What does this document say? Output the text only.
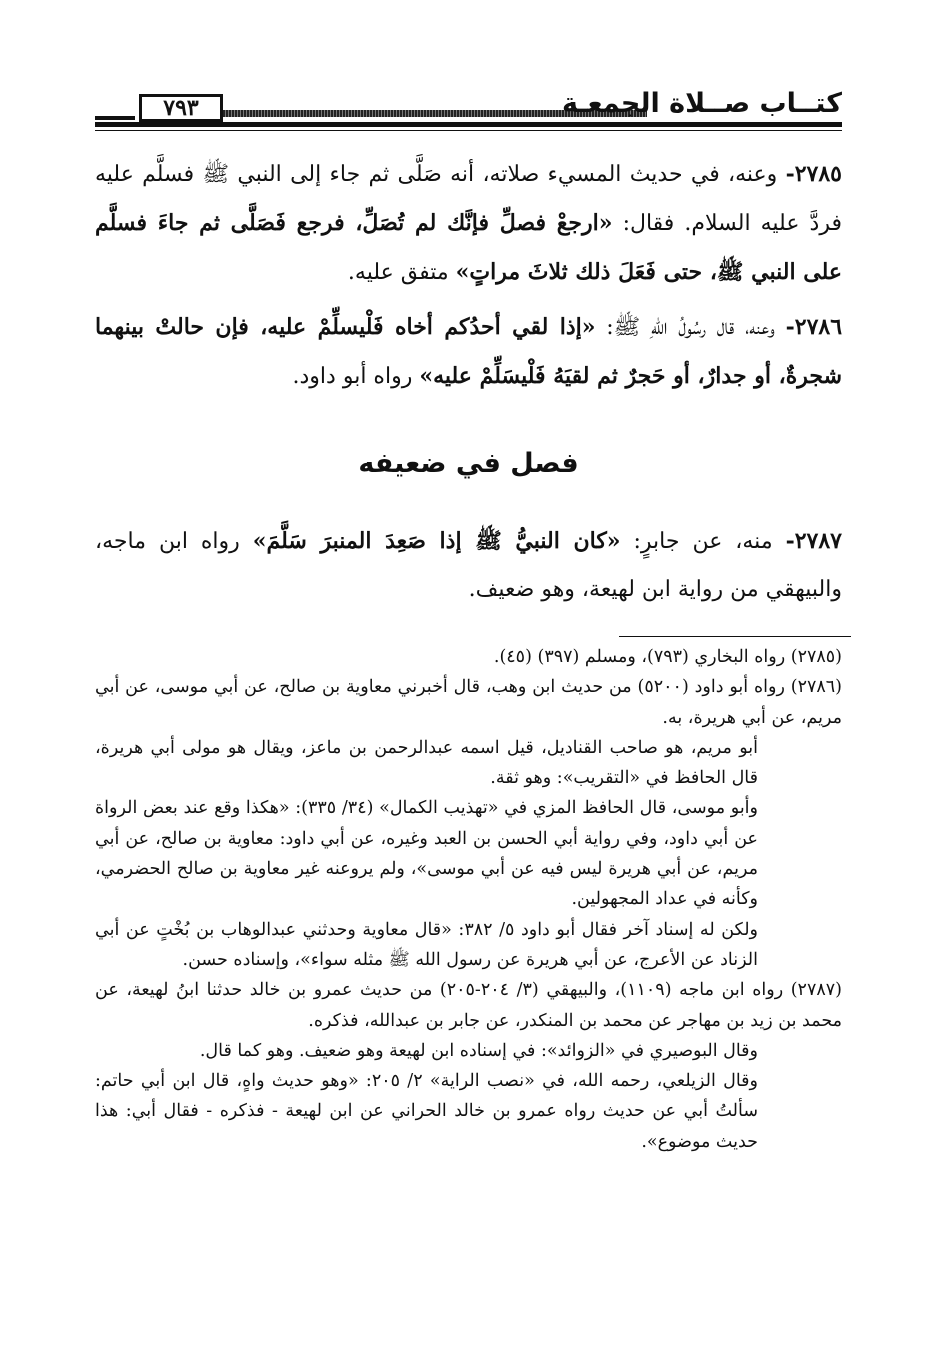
٧٩٣	كتــاب صــلاة الجمعـة

٢٧٨٥- وعنه، في حديث المسيء صلاته، أنه صَلَّى ثم جاء إلى النبي ﷺ فسلَّم عليه فردَّ عليه السلام. فقال: «ارجعْ فصلِّ فإنَّك لم تُصَلِّ، فرجع فَصَلَّى ثم جاءَ فسلَّم على النبي ﷺ، حتى فَعَلَ ذلك ثلاثَ مراتٍ» متفق عليه.

٢٧٨٦- وعنه، قال رسُولُ اللهِ ﷺ: «إذا لقي أحدُكم أخاه فَلْيسلِّمْ عليه، فإن حالتْ بينهما شجرةٌ، أو جدارٌ، أو حَجرٌ ثم لقيَهُ فَلْيسَلِّمْ عليه» رواه أبو داود.

فصل في ضعيفه

٢٧٨٧- منه، عن جابرٍ: «كان النبيُّ ﷺ إذا صَعِدَ المنبرَ سَلَّمَ» رواه ابن ماجه، والبيهقي من رواية ابن لهيعة، وهو ضعيف.

(٢٧٨٥) رواه البخاري (٧٩٣)، ومسلم (٣٩٧) (٤٥).

(٢٧٨٦) رواه أبو داود (٥٢٠٠) من حديث ابن وهب، قال أخبرني معاوية بن صالح، عن أبي موسى، عن أبي مريم، عن أبي هريرة، به.

أبو مريم، هو صاحب القناديل، قيل اسمه عبدالرحمن بن ماعز، ويقال هو مولى أبي هريرة، قال الحافظ في «التقريب»: وهو ثقة.

وأبو موسى، قال الحافظ المزي في «تهذيب الكمال» (٣٤/ ٣٣٥): «هكذا وقع عند بعض الرواة عن أبي داود، وفي رواية أبي الحسن بن العبد وغيره، عن أبي داود: معاوية بن صالح، عن أبي مريم، عن أبي هريرة ليس فيه عن أبي موسى»، ولم يروعنه غير معاوية بن صالح الحضرمي، وكأنه في عداد المجهولين.

ولكن له إسناد آخر فقال أبو داود ٥/ ٣٨٢: «قال معاوية وحدثني عبدالوهاب بن بُخْتٍ عن أبي الزناد عن الأعرج، عن أبي هريرة عن رسول الله ﷺ مثله سواء»، وإسناده حسن.

(٢٧٨٧) رواه ابن ماجه (١١٠٩)، والبيهقي (٣/ ٢٠٤-٢٠٥) من حديث عمرو بن خالد حدثنا ابنُ لهيعة، عن محمد بن زيد بن مهاجر عن محمد بن المنكدر، عن جابر بن عبدالله، فذكره.

وقال البوصيري في «الزوائد»: في إسناده ابن لهيعة وهو ضعيف. وهو كما قال.

وقال الزيلعي، رحمه الله، في «نصب الراية» ٢/ ٢٠٥: «وهو حديث واهٍ، قال ابن أبي حاتم: سألتُ أبي عن حديث رواه عمرو بن خالد الحراني عن ابن لهيعة - فذكره - فقال أبي: هذا حديث موضوع».
